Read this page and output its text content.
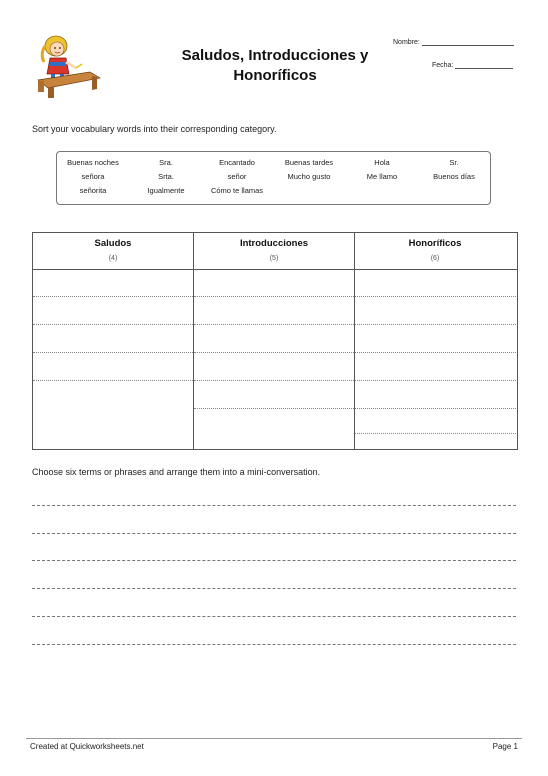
Saludos, Introducciones y Honoríficos
Nombre:
Fecha:
Sort your vocabulary words into their corresponding category.
Buenas noches	Sra.	Encantado	Buenas tardes	Hola	Sr.
señora	Srta.	señor	Mucho gusto	Me llamo	Buenos días
señorita	Igualmente	Cómo te llamas
Saludos
(4)
Introducciones
(5)
Honoríficos
(6)
Choose six terms or phrases and arrange them into a mini-conversation.
Created at Quickworksheets.net	Page 1
